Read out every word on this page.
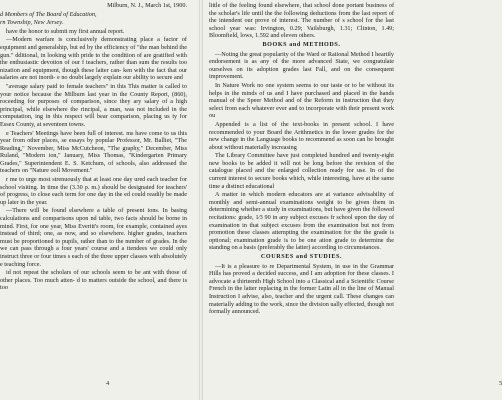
Milburn, N. J., March 1st, 1900.

d Members of The Board of Education,

rn Township, New Jersey.

have the honor to submit my first annual report.

—Modern warfare is conclusively demonstrating place a factor of equipment and generalship, but ed by the efficiency of "the man behind the gun." dditional, in looking with pride to the condition of are gratified with the enthusiastic devotion of our f teachers, rather than sum the results too nization and equipment, though these latter can- ken with the fact that our salaries are not inordi- e no doubt largely explain our ability to secure and

"average salary paid to female teachers" in this This matter is called to your notice because the Milburn last year in the County Report, (860), roceeding for purposes of comparison, since they ary salary of a high principal, while elsewhere the rincipal, a man, was not included in the computation, ing in this respect will bear comparison, placing us ty for Essex County, at seventeen towns.

e Teachers' Meetings have been full of interest. ms have come to us this year from other places, se essays by popular Professor, Mr. Balliet, "The Reading," November, Miss McCutcheon, "The graphy," December, Miss Ruland, "Modern ion," January, Miss Thomas, "Kindergarten Primary Grades," Superintendent E. S. Ketchum, of schools, also addressed the teachers on "Nature ooll Movement."

r me to urge most strenuously that at least one day ured each teacher for school visiting. In time the (3.30 p. m.) should be designated for teachers' of progress, to close each term for one day in the ed could readily be made up later in the year.

—There will be found elsewhere a table of present ions. In basing calculations and comparisons upon nd table, two facts should be borne in mind. First, for one year, Miss Everitt's room, for example, contained ayes instead of third; one, as now, and so elsewhere. higher grades, teachers must be proportioned to pupils, rather than to the number of grades. In the we can pass through a four years' course and a ttendees we could only instruct three or four times s each of the three upper classes with absolutely e teaching force.

id not repeat the scholars of our schools seem to be ant with those of other places. Too much atten- d to matters outside the school, and there is too

4

little of the feeling found elsewhere, that school done portant business of the scholar's life until the the following deductions from the last report of the intendent our prove of interest. The number of s school for the last school year was: Irvington, 0.29; Vailsburgh, 1.31; Clinton, 1.49; Bloomfield, lows, 1.592 and eleven others.

BOOKS and METHODS.

—Noting the great popularity of the Ward or Rational Method I heartily endorsement is as any of the more advanced State, we congratulate ourselves on its adoption grades last Fall, and on the consequent improvement.

In Nature Work no one system seems to our taste or to be without its helps in the minds of us and I have purchased and placed in the hands manual of the Speer Method and of the Reform in instruction that they select from each whatever ever and to incorporate with their present work ou

Appended is a list of the text-books in present school. I have recommended to your Board the Arithmetics in the lower grades for the new change in the Language books to recommend as soon can be brought about without materially increasing

The Library Committee have just completed hundred and twenty-eight new books to be added it will not be long before the revision of the catalogue placed and the enlarged collection ready for use. In of the current interest to secure books which, while interesting, have at the same time a distinct educational

A matter in which modern educators are at variance advisability of monthly and semi-annual examinations weight to be given them in determining whether a study in examinations, but have given the followed recitations: grade, 1⁄3 90 in any subject excuses fr school upon the day of examination in that subject excuses from the examination but not from promotion these classes attempting the examination for the the grade is optional; examination grade is to be one ation grade to determine the standing on a basis (preferably the latter) according to circumstances.

COURSES and STUDIES.

—It is a pleasure to re Departmental System, in use in the Grammar Hills has proved a decided success, and I am adoption for these classes. I advocate a thirteenth High School into a Classical and a Scientific Course French in the latter replacing in the former Latin all in the line of Manual Instruction I advise, also, teacher and the urgent call. These changes can materially adding to the work, since the division ually effected, though not formally announced.

5
